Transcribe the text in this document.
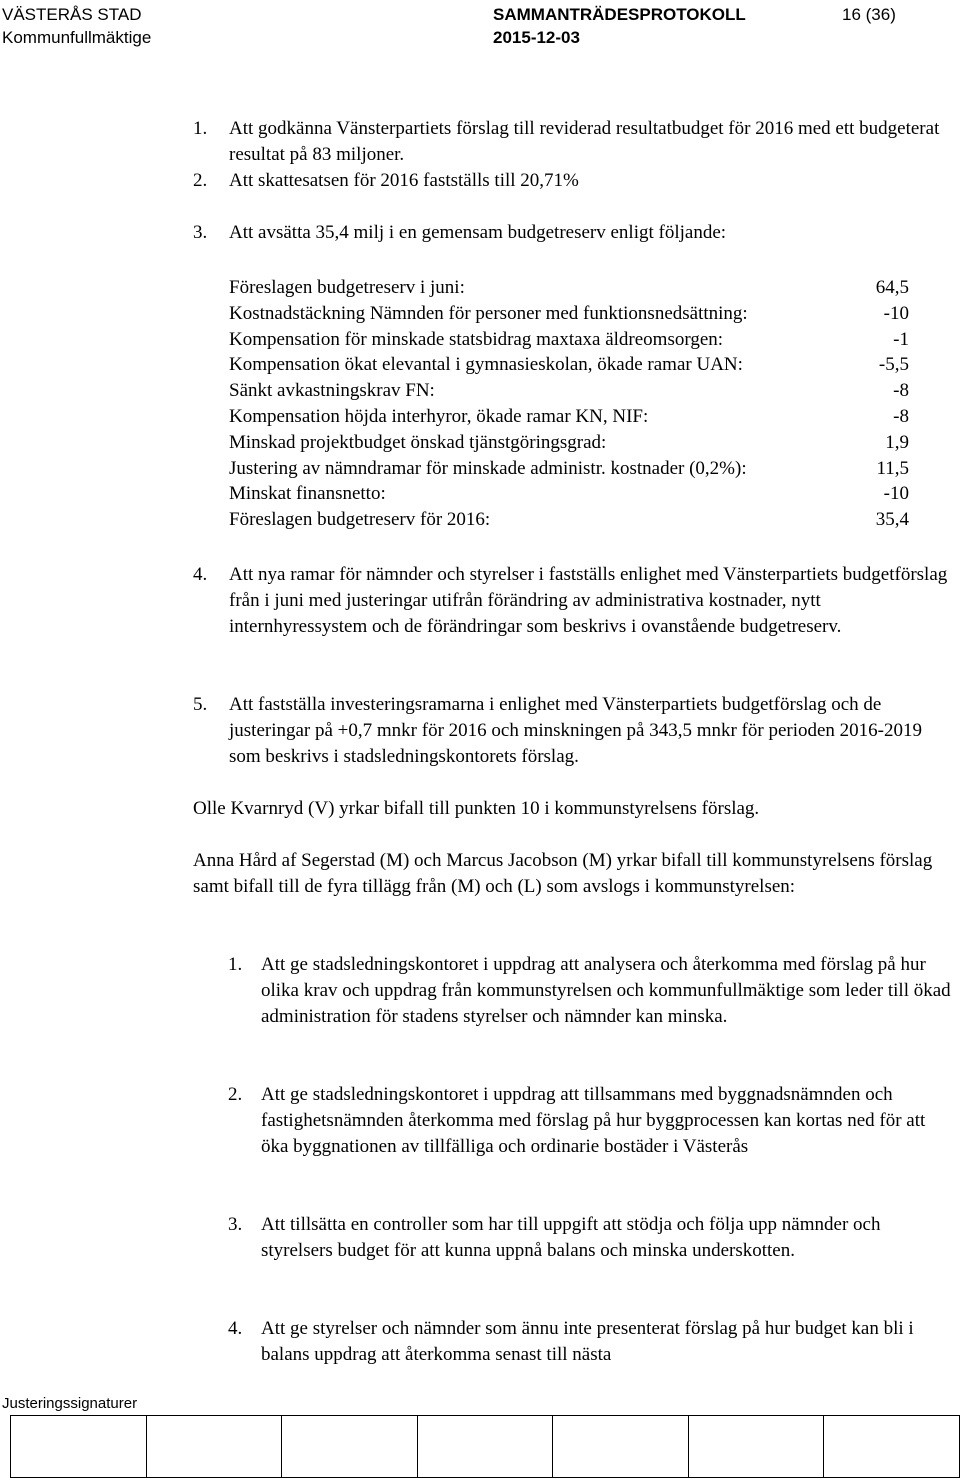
VÄSTERÅS STAD
Kommunfullmäktige
SAMMANTRÄDESPROTOKOLL
2015-12-03
16 (36)
1. Att godkänna Vänsterpartiets förslag till reviderad resultatbudget för 2016 med ett budgeterat resultat på 83 miljoner.
2. Att skattesatsen för 2016 fastställs till 20,71%
3. Att avsätta 35,4 milj i en gemensam budgetreserv enligt följande:
Föreslagen budgetreserv i juni:	64,5
Kostnadstäckning Nämnden för personer med funktionsnedsättning:	-10
Kompensation för minskade statsbidrag maxtaxa äldreomsorgen:	-1
Kompensation ökat elevantal i gymnasieskolan, ökade ramar UAN:	-5,5
Sänkt avkastningskrav FN:	-8
Kompensation höjda interhyror, ökade ramar KN, NIF:	-8
Minskad projektbudget önskad tjänstgöringsgrad:	1,9
Justering av nämndramar för minskade administr. kostnader (0,2%):	11,5
Minskat finansnetto:	-10
Föreslagen budgetreserv för 2016:	35,4
4. Att nya ramar för nämnder och styrelser i fastställs enlighet med Vänsterpartiets budgetförslag från i juni med justeringar utifrån förändring av administrativa kostnader, nytt internhyressystem och de förändringar som beskrivs i ovanstående budgetreserv.
5. Att fastställa investeringsramarna i enlighet med Vänsterpartiets budgetförslag och de justeringar på +0,7 mnkr för 2016 och minskningen på 343,5 mnkr för perioden 2016-2019 som beskrivs i stadsledningskontorets förslag.
Olle Kvarnryd (V) yrkar bifall till punkten 10 i kommunstyrelsens förslag.
Anna Hård af Segerstad (M) och Marcus Jacobson (M) yrkar bifall till kommunstyrelsens förslag samt bifall till de fyra tillägg från (M) och (L) som avslogs i kommunstyrelsen:
1. Att ge stadsledningskontoret i uppdrag att analysera och återkomma med förslag på hur olika krav och uppdrag från kommunstyrelsen och kommunfullmäktige som leder till ökad administration för stadens styrelser och nämnder kan minska.
2. Att ge stadsledningskontoret i uppdrag att tillsammans med byggnadsnämnden och fastighetsnämnden återkomma med förslag på hur byggprocessen kan kortas ned för att öka byggnationen av tillfälliga och ordinarie bostäder i Västerås
3. Att tillsätta en controller som har till uppgift att stödja och följa upp nämnder och styrelsers budget för att kunna uppnå balans och minska underskotten.
4. Att ge styrelser och nämnder som ännu inte presenterat förslag på hur budget kan bli i balans uppdrag att återkomma senast till nästa
Justeringssignaturer
